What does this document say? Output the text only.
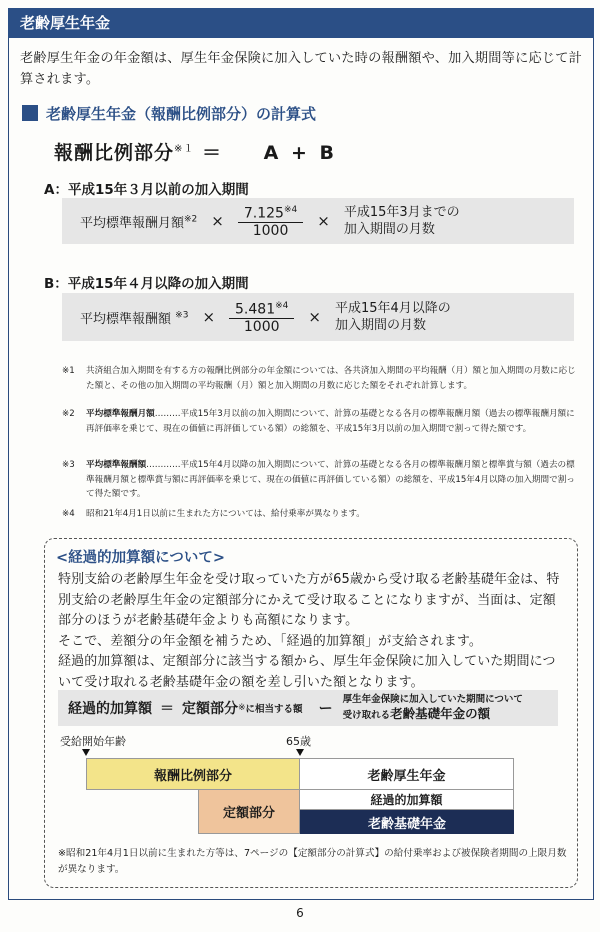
老齢厚生年金
老齢厚生年金の年金額は、厚生年金保険に加入していた時の報酬額や、加入期間等に応じて計算されます。
老齢厚生年金（報酬比例部分）の計算式
報酬比例部分$^{※1}$ ＝ A + B
A：平成15年３月以前の加入期間
平均標準報酬月額$^{※2} \times \frac{7.125^{※4}}{1000}$ × 平成15年3月までの
加入期間の月数
B：平成15年４月以降の加入期間
平均標準報酬額 $^{※3} \times \frac{5.481^{※4}}{1000}$ × 平成15年4月以降の
加入期間の月数
※1	共済組合加入期間を有する方の報酬比例部分の年金額については、各共済加入期間の平均報酬（月）額と加入期間の月数に応じた額と、その他の加入期間の平均報酬（月）額と加入期間の月数に応じた額をそれぞれ計算します。
※2	平均標準報酬月額………平成15年3月以前の加入期間について、計算の基礎となる各月の標準報酬月額（過去の標準報酬月額に再評価率を乗じて、現在の価値に再評価している額）の総額を、平成15年3月以前の加入期間で割って得た額です。
※3	平均標準報酬額…………平成15年4月以降の加入期間について、計算の基礎となる各月の標準報酬月額と標準賞与額（過去の標準報酬月額と標準賞与額に再評価率を乗じて、現在の価値に再評価している額）の総額を、平成15年4月以降の加入期間で割って得た額です。
※4	昭和21年4月1日以前に生まれた方については、給付乗率が異なります。
<経過的加算額について>
特別支給の老齢厚生年金を受け取っていた方が65歳から受け取る老齢基礎年金は、特別支給の老齢厚生年金の定額部分にかえて受け取ることになりますが、当面は、定額部分のほうが老齢基礎年金よりも高額になります。
そこで、差額分の年金額を補うため、「経過的加算額」が支給されます。
経過的加算額は、定額部分に該当する額から、厚生年金保険に加入していた期間について受け取れる老齢基礎年金の額を差し引いた額となります。
経過的加算額 ＝ 定額部分 ※ に相当する額 ー
厚生年金保険に加入していた期間について
受け取れる老齢基礎年金の額
受給開始年齢	65歳
報酬比例部分	老齢厚生年金
定額部分
経過的加算額
老齢基礎年金
※昭和21年4月1日以前に生まれた方等は、7ページの【定額部分の計算式】の給付乗率および被保険者期間の上限月数が異なります。
6
